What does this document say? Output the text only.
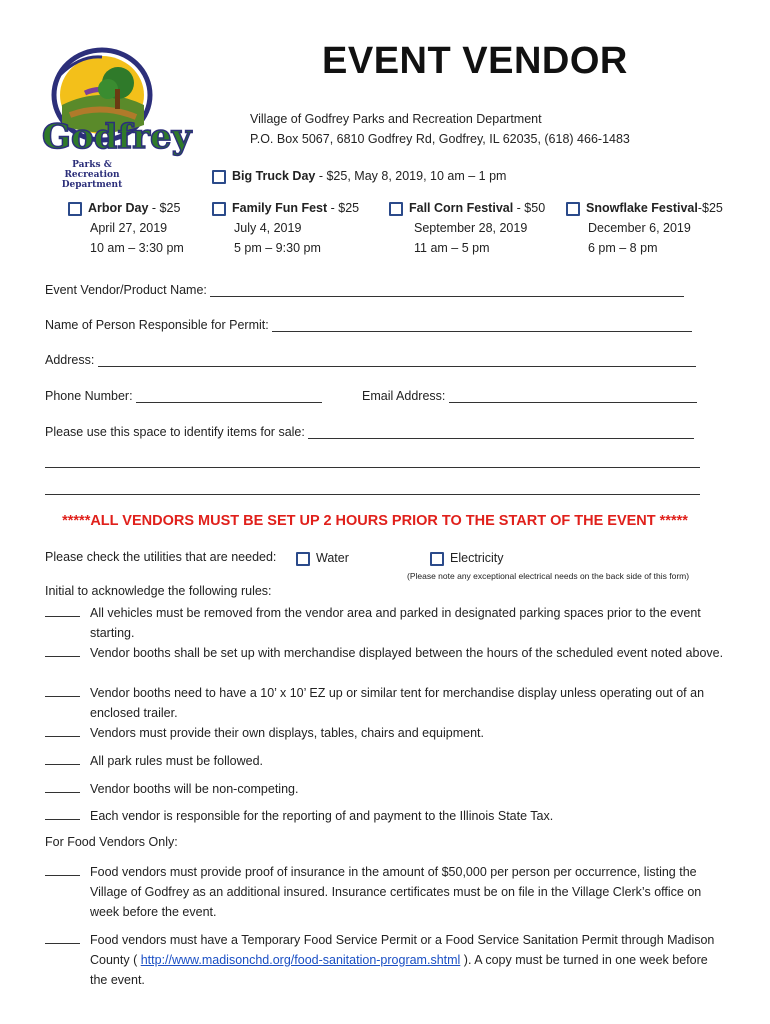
Godfrey
Parks & Recreation Department
EVENT VENDOR
Village of Godfrey Parks and Recreation Department
P.O. Box 5067, 6810 Godfrey Rd, Godfrey, IL 62035, (618) 466-1483
Big Truck Day - $25, May 8, 2019, 10 am – 1 pm
Arbor Day - $25
April 27, 2019
10 am – 3:30 pm
Family Fun Fest - $25
July 4, 2019
5 pm – 9:30 pm
Fall Corn Festival - $50
September 28, 2019
11 am – 5 pm
Snowflake Festival-$25
December 6, 2019
6 pm – 8 pm
Event Vendor/Product Name:
Name of Person Responsible for Permit:
Address:
Phone Number:	Email Address:
Please use this space to identify items for sale:
*****ALL VENDORS MUST BE SET UP 2 HOURS PRIOR TO THE START OF THE EVENT *****
Please check the utilities that are needed:	Water	Electricity
(Please note any exceptional electrical needs on the back side of this form)
Initial to acknowledge the following rules:
All vehicles must be removed from the vendor area and parked in designated parking spaces prior to the event starting.
Vendor booths shall be set up with merchandise displayed between the hours of the scheduled event noted above.
Vendor booths need to have a 10’ x 10’ EZ up or similar tent for merchandise display unless operating out of an enclosed trailer.
Vendors must provide their own displays, tables, chairs and equipment.
All park rules must be followed.
Vendor booths will be non-competing.
Each vendor is responsible for the reporting of and payment to the Illinois State Tax.
For Food Vendors Only:
Food vendors must provide proof of insurance in the amount of $50,000 per person per occurrence, listing the Village of Godfrey as an additional insured. Insurance certificates must be on file in the Village Clerk’s office on week before the event.
Food vendors must have a Temporary Food Service Permit or a Food Service Sanitation Permit through Madison County ( http://www.madisonchd.org/food-sanitation-program.shtml ). A copy must be turned in one week before the event.
